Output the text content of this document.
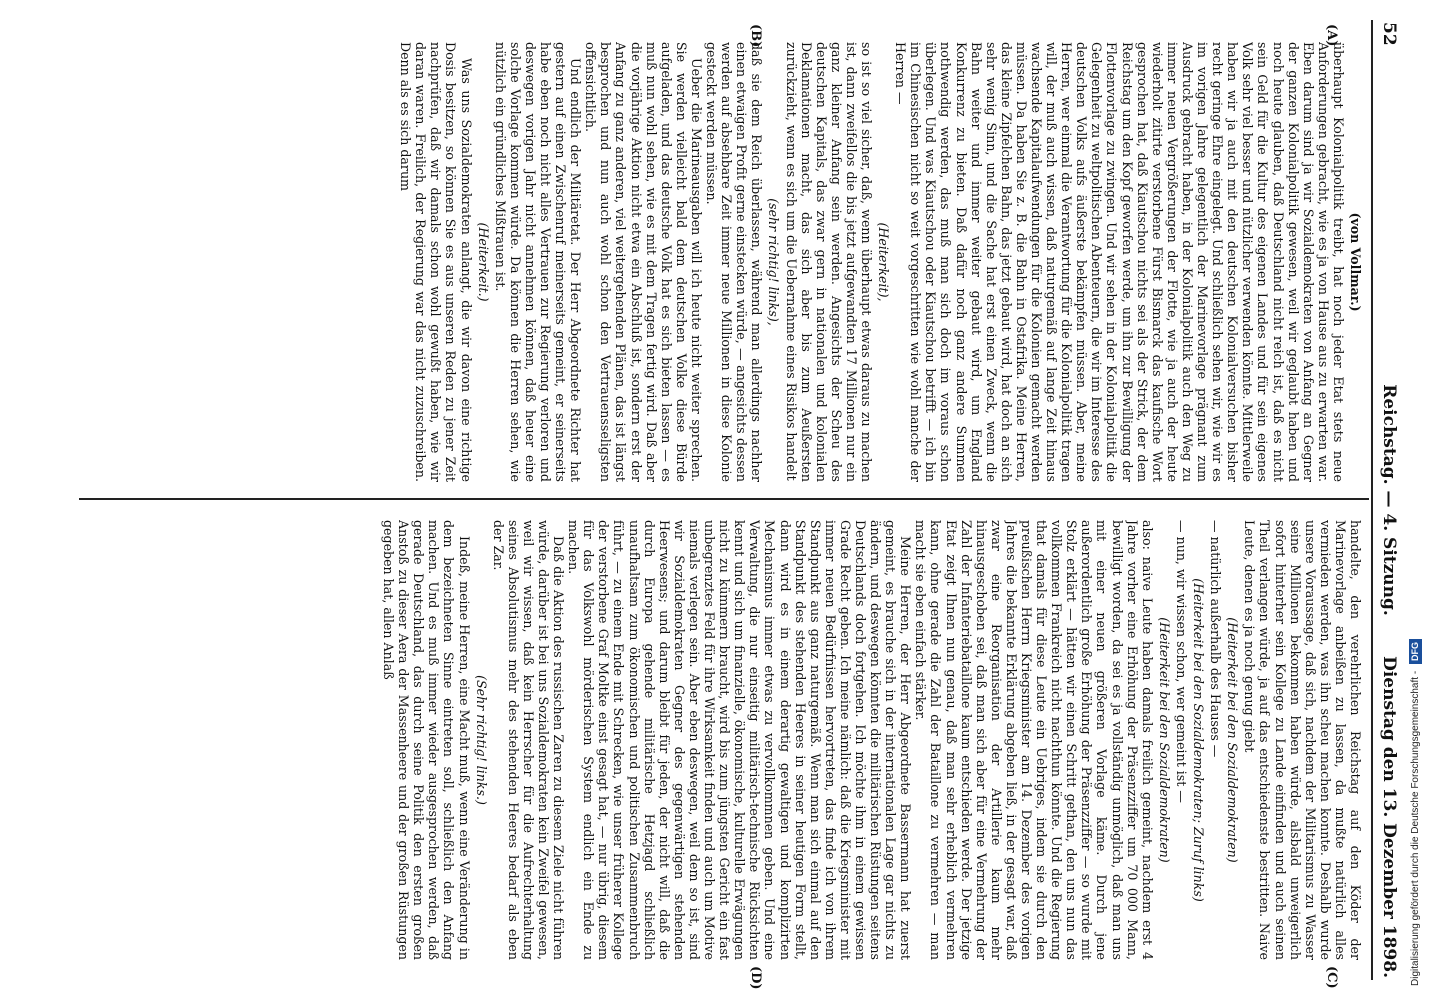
52
Reichstag. — 4. Sitzung.
Dienstag den 13. Dezember 1898.
(A)
(B)
(C)
(D)
(von Vollmar.)

überhaupt Kolonialpolitik treibt, hat noch jeder Etat stets neue Anforderungen gebracht, wie es ja von Hause aus zu erwarten war. Eben darum sind ja wir Sozialdemokraten von Anfang an Gegner der ganzen Kolonialpolitik gewesen, weil wir geglaubt haben und noch heute glauben, daß Deutschland nicht reich ist, daß es nicht sein Geld für die Kultur des eigenen Landes und für sein eigenes Volk sehr viel besser und nützlicher verwenden könnte. Mittlerweile haben wir ja auch mit den deutschen Kolonialversuchen bisher recht geringe Ehre eingelegt. Und schließlich sehen wir, wie wir es im vorigen Jahre gelegentlich der Marinevorlage prägnant zum Ausdruck gebracht haben, in der Kolonialpolitik auch den Weg zu immer neuen Vergrößerungen der Flotte, wie ja auch der heute wiederholt zitirte verstorbene Fürst Bismarck das kaufische Wort gesprochen hat, daß Kiautschou nichts sei als der Strick, der dem Reichstag um den Kopf geworfen werde, um ihn zur Bewilligung der Flottenvorlage zu zwingen. Und wir sehen in der Kolonialpolitik die Gelegenheit zu weltpolitischen Abenteuern, die wir im Interesse des deutschen Volks aufs äußerste bekämpfen müssen. Aber, meine Herren, wer einmal die Verantwortung für die Kolonialpolitik tragen will, der muß auch wissen, daß naturgemäß auf lange Zeit hinaus wachsende Kapitalaufwendungen für die Kolonien gemacht werden müssen. Da haben Sie z. B. die Bahn in Ostafrika. Meine Herren, das kleine Zipfelchen Bahn, das jetzt gebaut wird, hat doch an sich sehr wenig Sinn, und die Sache hat erst einen Zweck, wenn die Bahn weiter und immer weiter gebaut wird, um England Konkurrenz zu bieten. Daß dafür noch ganz andere Summen nothwendig werden, das muß man sich doch im voraus schon überlegen. Und was Kiautschou oder Kiautschou betrifft — ich bin im Chinesischen nicht so weit vorgeschritten wie wohl manche der Herren —

(Heiterkeit),

so ist so viel sicher, daß, wenn überhaupt etwas daraus zu machen ist, dann zweifellos die bis jetzt aufgewandten 17 Millionen nur ein ganz kleiner Anfang sein werden. Angesichts der Scheu des deutschen Kapitals, das zwar gern in nationalen und kolonialen Deklamationen macht, das sich aber bis zum Aeußersten zurückzieht, wenn es sich um die Uebernahme eines Risikos handelt

(sehr richtig! links),

daß sie dem Reich überlassen, während man allerdings nachher einen etwaigen Profit gerne einstecken würde, — angesichts dessen werden auf absehbare Zeit immer neue Millionen in diese Kolonie gesteckt werden müssen.

Ueber die Marineausgaben will ich heute nicht weiter sprechen. Sie werden vielleicht bald dem deutschen Volke diese Bürde aufgeladen, und das deutsche Volk hat es sich bieten lassen — es muß nun wohl sehen, wie es mit dem Tragen fertig wird. Daß aber die vorjährige Aktion nicht etwa ein Abschluß ist, sondern erst der Anfang zu ganz anderen, viel weitergehenden Plänen, das ist längst besprochen und nun auch wohl schon den Vertrauensseligsten offensichtlich.

Und endlich der Militäretat. Der Herr Abgeordnete Richter hat gestern auf einen Zwischenruf meinerseits gemeint, er seinerseits habe eben noch nicht alles Vertrauen zur Regierung verloren und deswegen vorigen Jahr nicht annehmen können, daß heuer eine solche Vorlage kommen würde. Da können die Herren sehen, wie nützlich ein gründliches Mißtrauen ist.

(Heiterkeit.)

Was uns Sozialdemokraten anlangt, die wir davon eine richtige Dosis besitzen, so können Sie es aus unseren Reden zu jener Zeit nachprüfen, daß wir damals schon wohl gewußt haben, wie wir daran waren. Freilich, der Regierung war das nicht zuzuschreiben. Denn als es sich darum

handelte, den verehrlichen Reichstag auf den Köder der Marinevorlage anbeißen zu lassen, da mußte natürlich alles vermieden werden, was ihn scheu machen konnte. Deshalb wurde unsere Voraussage, daß sich, nachdem der Militarismus zu Wasser seine Millionen bekommen haben würde, alsbald unweigerlich sofort hinterher sein Kollege zu Lande einfinden und auch seinen Theil verlangen würde, ja auf das entschiedenste bestritten. Naive Leute, denen es ja noch genug giebt

(Heiterkeit bei den Sozialdemokraten)

— natürlich außerhalb des Hauses —

(Heiterkeit bei den Sozialdemokraten; Zuruf links)

— nun, wir wissen schon, wer gemeint ist —

(Heiterkeit bei den Sozialdemokraten)

also: naive Leute haben damals freilich gemeint, nachdem erst 4 Jahre vorher eine Erhöhung der Präsenzziffer um 70 000 Mann, bewilligt worden, da sei es ja vollständig unmöglich, daß man uns mit einer neuen größeren Vorlage käme. Durch jene außerordentlich große Erhöhung der Präsenzziffer — so wurde mit Stolz erklärt — hätten wir einen Schritt gethan, den uns nun das vollkommen Frankreich nicht nachthun könnte. Und die Regierung that damals für diese Leute ein Uebriges, indem sie durch den preußischen Herrn Kriegsminister am 14. Dezember des vorigen Jahres die bekannte Erklärung abgeben ließ, in der gesagt war, daß zwar eine Reorganisation der Artillerie kaum mehr hinausgeschoben sei, daß man sich aber für eine Vermehrung der Zahl der Infanteriebataillone kaum entschieden werde. Der jetzige Etat zeigt Ihnen nun genau, daß man sehr erheblich vermehren kann, ohne gerade die Zahl der Bataillone zu vermehren — man macht sie eben einfach stärker.

Meine Herren, der Herr Abgeordnete Bassermann hat zuerst gemeint, es brauche sich in der internationalen Lage gar nichts zu ändern, und deswegen könnten die militärischen Rüstungen seitens Deutschlands doch fortgehen. Ich möchte ihm in einem gewissen Grade Recht geben. Ich meine nämlich: daß die Kriegsminister mit immer neuen Bedürfnissen hervortreten, das finde ich von ihrem Standpunkt aus ganz naturgemäß. Wenn man sich einmal auf den Standpunkt des stehenden Heeres in seiner heutigen Form stellt, dann wird es in einem derartig gewaltigen und komplizirten Mechanismus immer etwas zu vervollkommnen geben. Und eine Verwaltung, die nur einseitig militärisch-technische Rücksichten kennt und sich um finanzielle, ökonomische, kulturelle Erwägungen nicht zu kümmern braucht, wird bis zum jüngsten Gericht ein fast unbegrenztes Feld für ihre Wirksamkeit finden und auch um Motive niemals verlegen sein. Aber eben deswegen, weil dem so ist, sind wir Sozialdemokraten Gegner des gegenwärtigen stehenden Heerwesens; und darum bleibt für jeden, der nicht will, daß die durch Europa gehende militärische Hetzjagd schließlich unaufhaltsam zum ökonomischen und politischen Zusammenbruch führt, — zu einem Ende mit Schrecken, wie unser früherer Kollege der verstorbene Graf Moltke einst gesagt hat, — nur übrig, diesem für das Volkswohl mörderischen System endlich ein Ende zu machen.

Daß die Aktion des russischen Zaren zu diesem Ziele nicht führen würde, darüber ist bei uns Sozialdemokraten kein Zweifel gewesen, weil wir wissen, daß kein Herrscher für die Aufrechterhaltung seines Absolutismus mehr des stehenden Heeres bedarf als eben der Zar.

(Sehr richtig! links.)

Indeß, meine Herren, eine Macht muß, wenn eine Veränderung in dem bezeichneten Sinne eintreten soll, schließlich den Anfang machen. Und es muß immer wieder ausgesprochen werden, daß gerade Deutschland, das durch seine Politik den ersten großen Anstoß zu dieser Aera der Massenheere und der großen Rüstungen gegeben hat, allen Anlaß

Digitalisierung gefördert durch die Deutsche Forschungsgemeinschaft - DFG
